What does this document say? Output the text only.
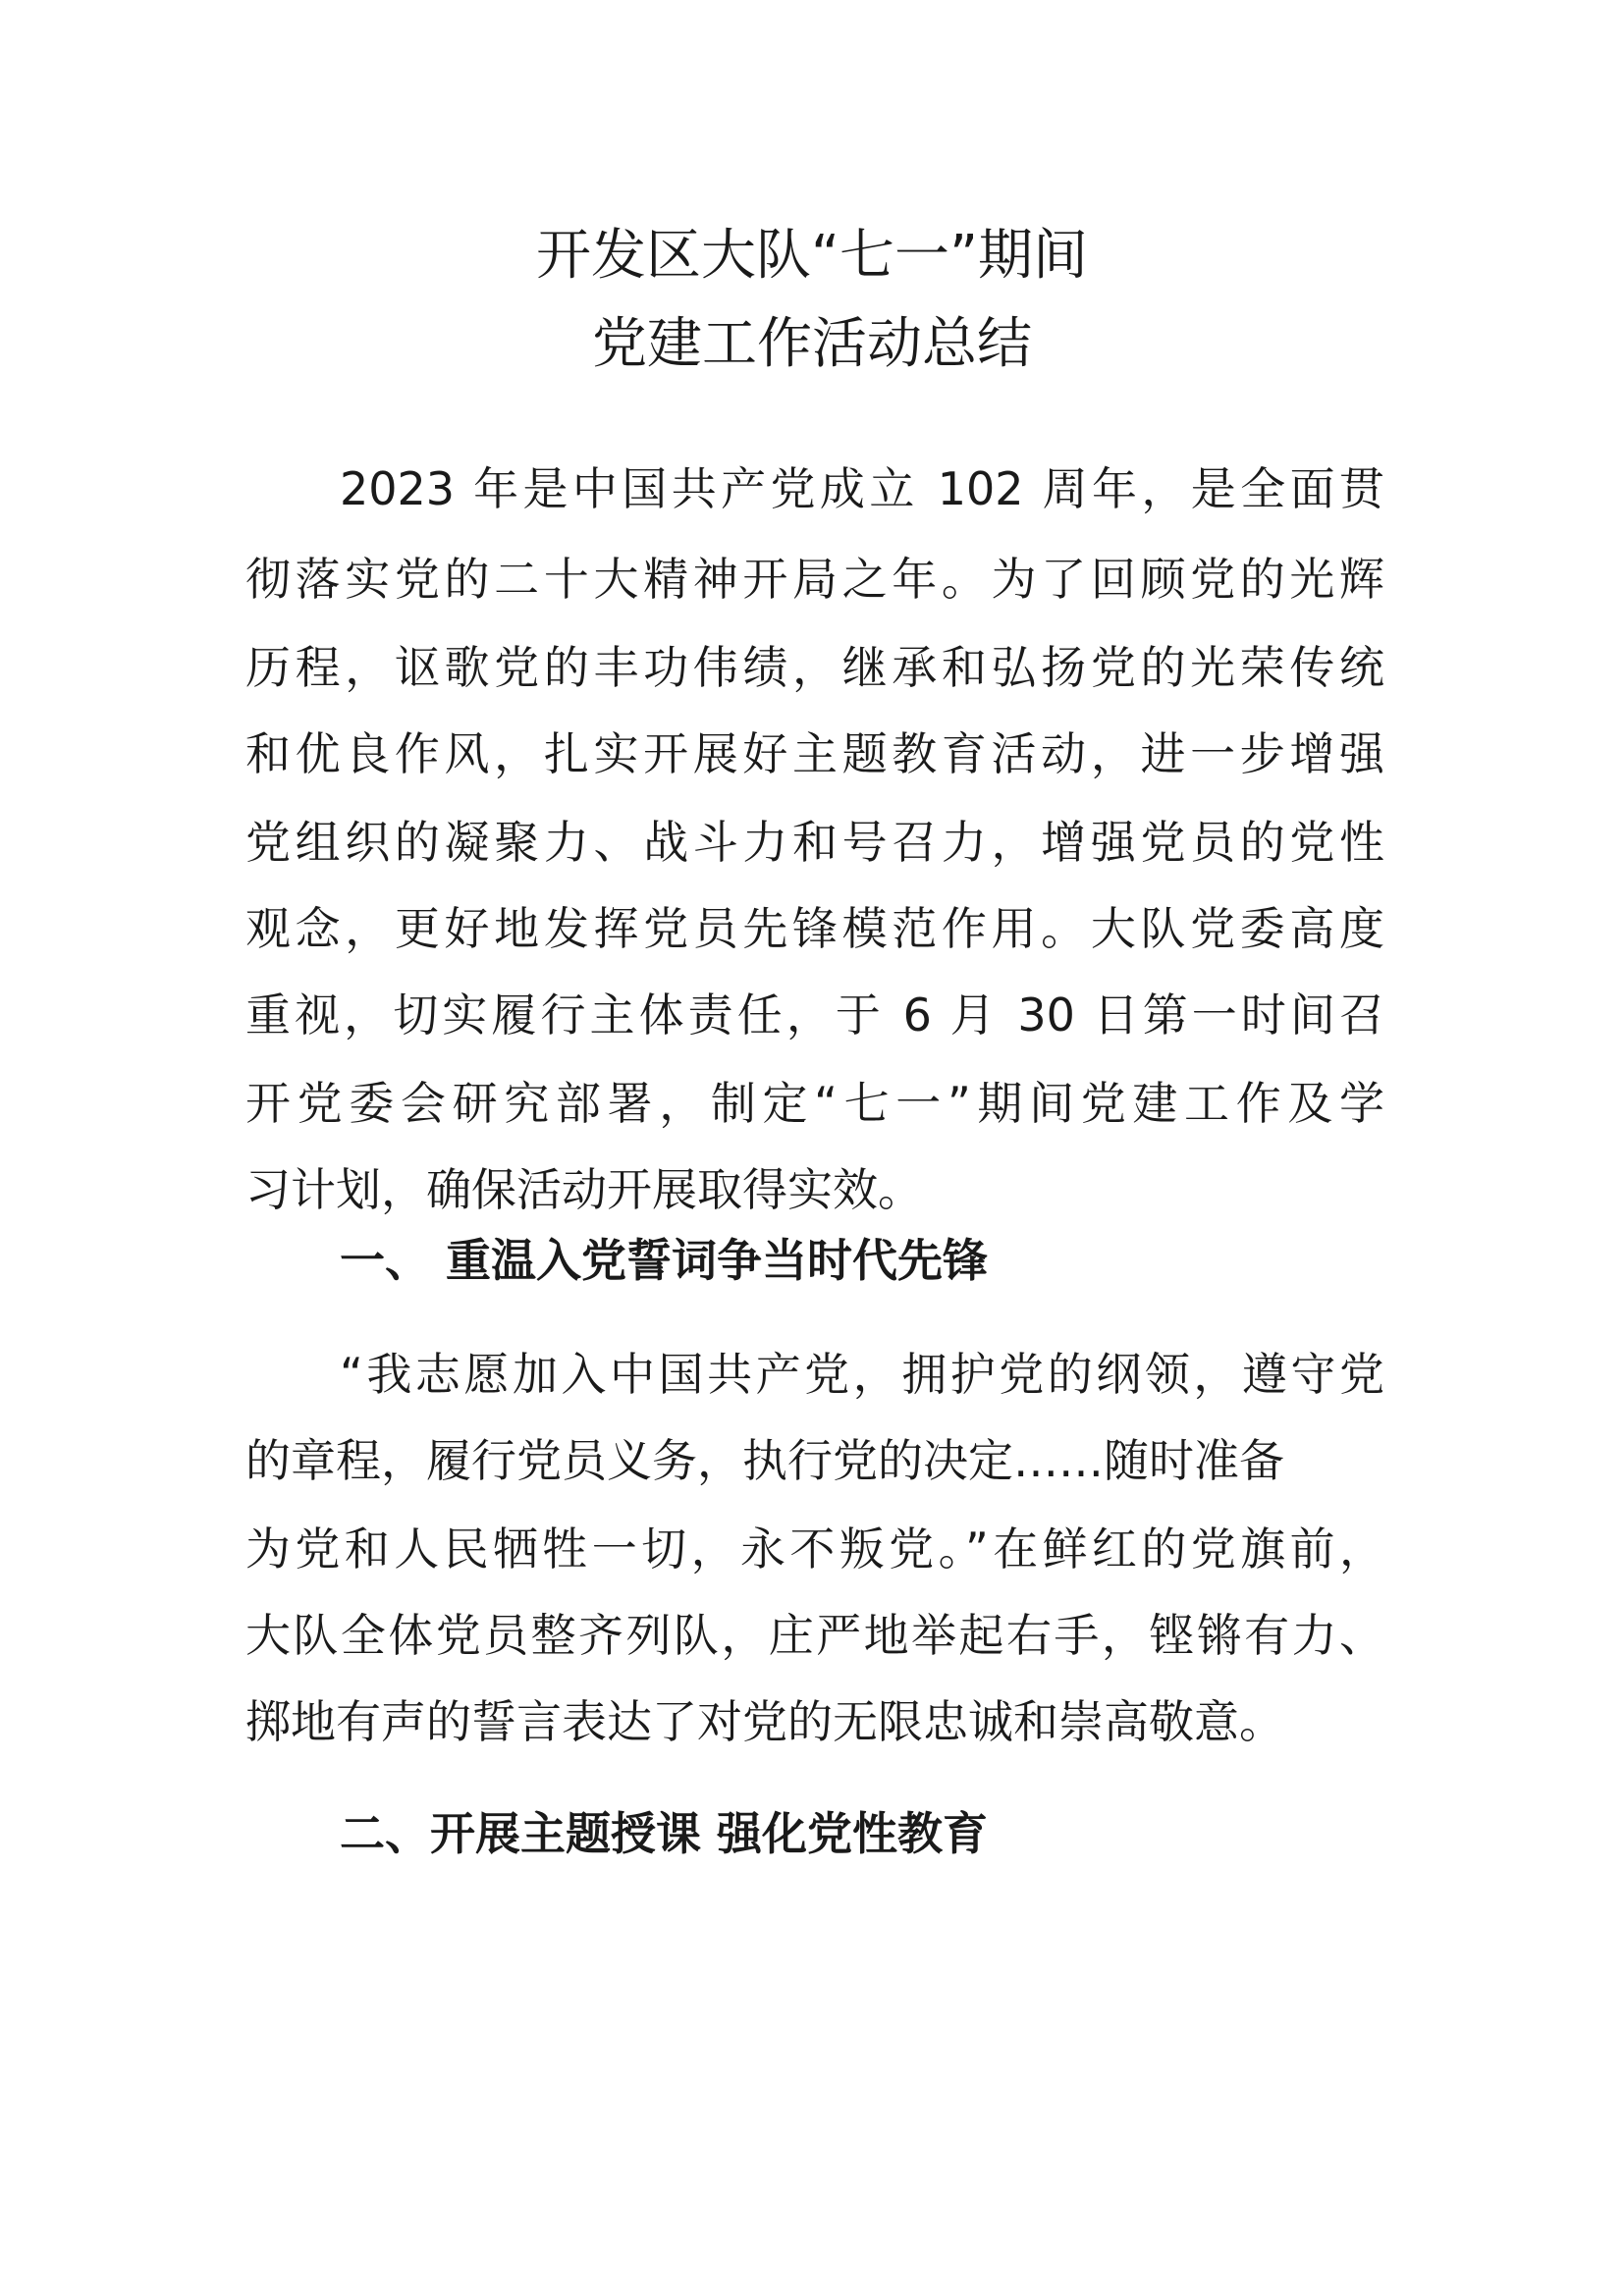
开发区大队“七一”期间
党建工作活动总结
2023 年是中国共产党成立 102 周年，是全面贯
彻落实党的二十大精神开局之年。为了回顾党的光辉
历程，讴歌党的丰功伟绩，继承和弘扬党的光荣传统
和优良作风，扎实开展好主题教育活动，进一步增强
党组织的凝聚力、战斗力和号召力，增强党员的党性
观念，更好地发挥党员先锋模范作用。大队党委高度
重视，切实履行主体责任，于 6 月 30 日第一时间召
开党委会研究部署，制定“七一”期间党建工作及学
习计划，确保活动开展取得实效。
一、 重温入党誓词争当时代先锋
“我志愿加入中国共产党，拥护党的纲领，遵守党
的章程，履行党员义务，执行党的决定……随时准备
为党和人民牺牲一切，永不叛党。”在鲜红的党旗前，
大队全体党员整齐列队，庄严地举起右手，铿锵有力、
掷地有声的誓言表达了对党的无限忠诚和崇高敬意。
二、开展主题授课 强化党性教育
